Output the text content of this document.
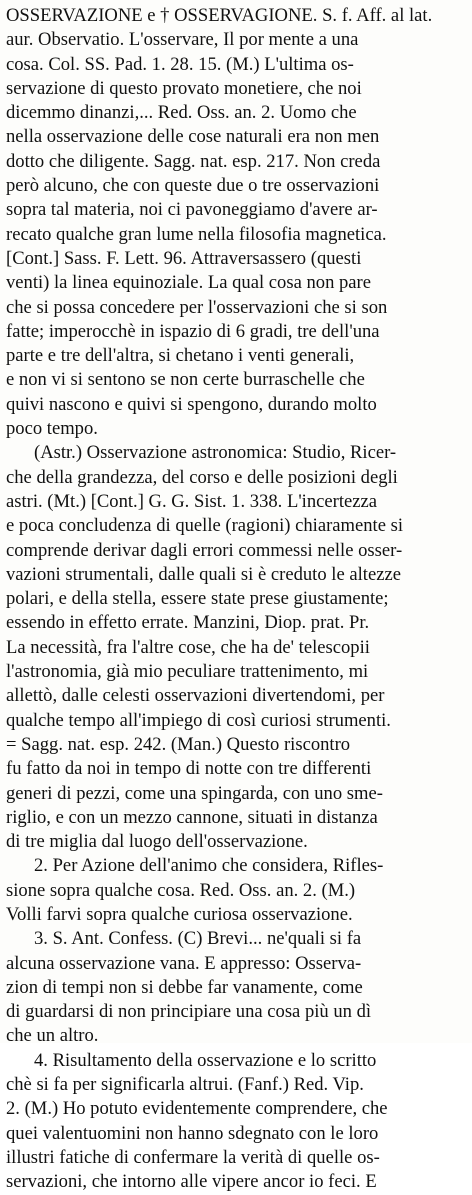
OSSERVAZIONE e † OSSERVAGIONE. S. f. Aff. al lat.
aur. Observatio. L'osservare, Il por mente a una
cosa. Col. SS. Pad. 1. 28. 15. (M.) L'ultima os-
servazione di questo provato monetiere, che noi
dicemmo dinanzi,... Red. Oss. an. 2. Uomo che
nella osservazione delle cose naturali era non men
dotto che diligente. Sagg. nat. esp. 217. Non creda
però alcuno, che con queste due o tre osservazioni
sopra tal materia, noi ci pavoneggiamo d'avere ar-
recato qualche gran lume nella filosofia magnetica.
[Cont.] Sass. F. Lett. 96. Attraversassero (questi
venti) la linea equinoziale. La qual cosa non pare
che si possa concedere per l'osservazioni che si son
fatte; imperocchè in ispazio di 6 gradi, tre dell'una
parte e tre dell'altra, si chetano i venti generali,
e non vi si sentono se non certe burraschelle che
quivi nascono e quivi si spengono, durando molto
poco tempo.
(Astr.) Osservazione astronomica: Studio, Ricer-
che della grandezza, del corso e delle posizioni degli
astri. (Mt.) [Cont.] G. G. Sist. 1. 338. L'incertezza
e poca concludenza di quelle (ragioni) chiaramente si
comprende derivar dagli errori commessi nelle osser-
vazioni strumentali, dalle quali si è creduto le altezze
polari, e della stella, essere state prese giustamente;
essendo in effetto errate. Manzini, Diop. prat. Pr.
La necessità, fra l'altre cose, che ha de' telescopii
l'astronomia, già mio peculiare trattenimento, mi
allettò, dalle celesti osservazioni divertendomi, per
qualche tempo all'impiego di così curiosi strumenti.
= Sagg. nat. esp. 242. (Man.) Questo riscontro
fu fatto da noi in tempo di notte con tre differenti
generi di pezzi, come una spingarda, con uno sme-
riglio, e con un mezzo cannone, situati in distanza
di tre miglia dal luogo dell'osservazione.
2. Per Azione dell'animo che considera, Rifles-
sione sopra qualche cosa. Red. Oss. an. 2. (M.)
Volli farvi sopra qualche curiosa osservazione.
3. S. Ant. Confess. (C) Brevi... ne'quali si fa
alcuna osservazione vana. E appresso: Osserva-
zion di tempi non si debbe far vanamente, come
di guardarsi di non principiare una cosa più un dì
che un altro.
4. Risultamento della osservazione e lo scritto
chè si fa per significarla altrui. (Fanf.) Red. Vip.
2. (M.) Ho potuto evidentemente comprendere, che
quei valentuomini non hanno sdegnato con le loro
illustri fatiche di confermare la verità di quelle os-
servazioni, che intorno alle vipere ancor io feci. E
